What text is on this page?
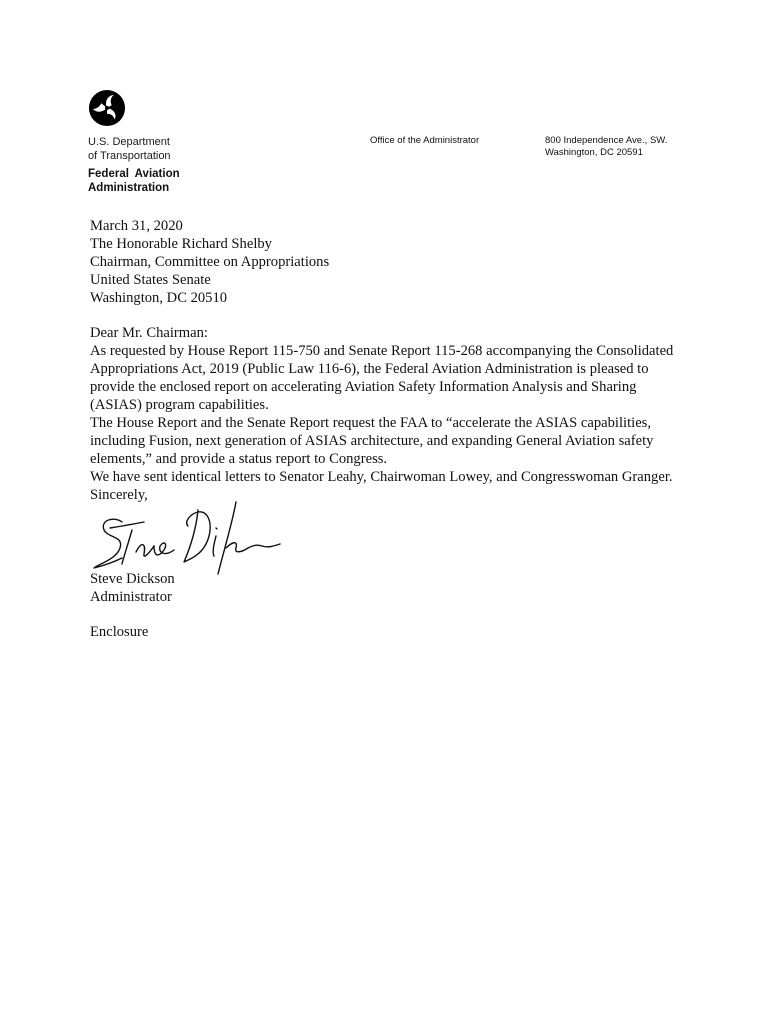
U.S. Department
of Transportation
Federal Aviation
Administration
Office of the Administrator	800 Independence Ave., SW.
Washington, DC 20591

March 31, 2020

The Honorable Richard Shelby
Chairman, Committee on Appropriations
United States Senate
Washington, DC 20510

Dear Mr. Chairman:

As requested by House Report 115-750 and Senate Report 115-268 accompanying the Consolidated Appropriations Act, 2019 (Public Law 116-6), the Federal Aviation Administration is pleased to provide the enclosed report on accelerating Aviation Safety Information Analysis and Sharing (ASIAS) program capabilities.

The House Report and the Senate Report request the FAA to “accelerate the ASIAS capabilities, including Fusion, next generation of ASIAS architecture, and expanding General Aviation safety elements,” and provide a status report to Congress.

We have sent identical letters to Senator Leahy, Chairwoman Lowey, and Congresswoman Granger.

Sincerely,

Steve Dickson
Administrator

Enclosure
